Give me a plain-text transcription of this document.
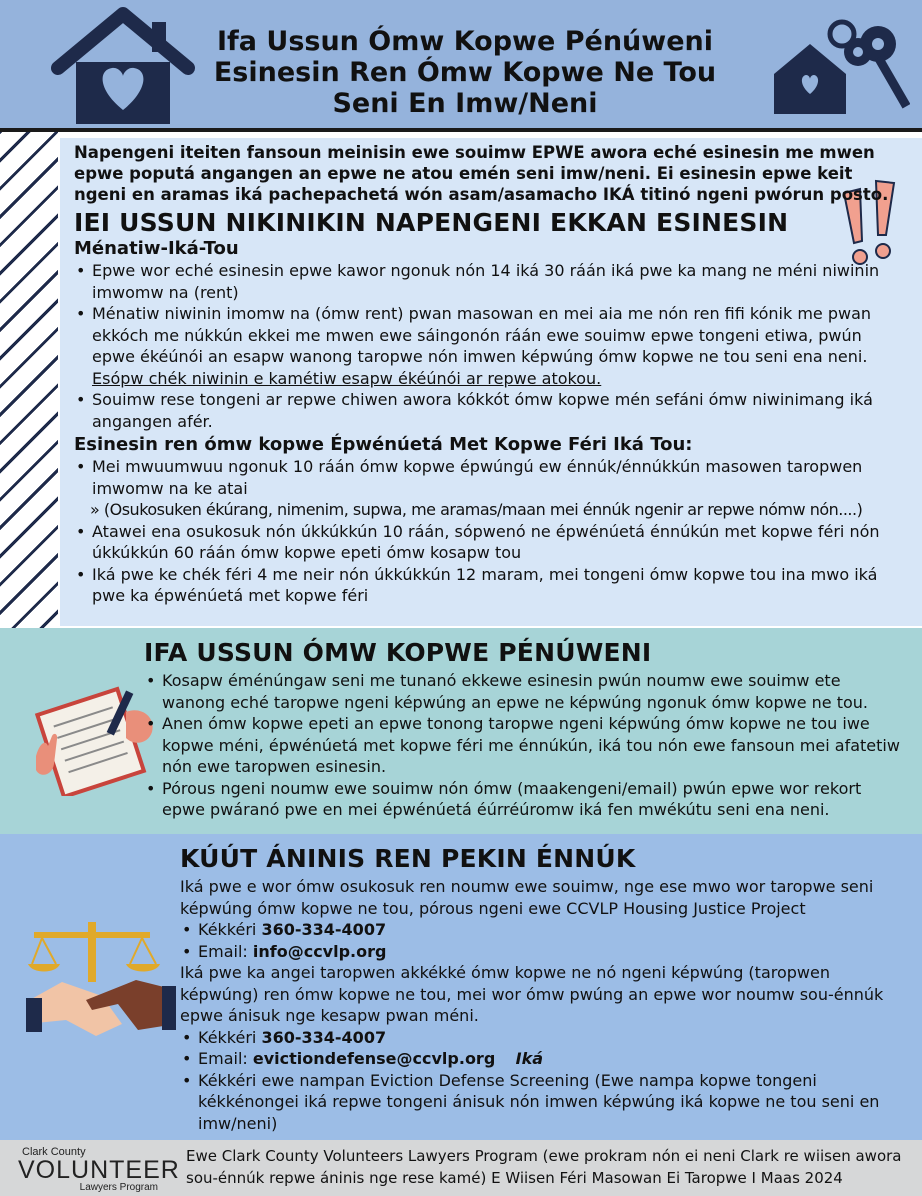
Ifa Ussun Ómw Kopwe Pénúweni
Esinesin Ren Ómw Kopwe Ne Tou
Seni En Imw/Neni

Napengeni iteiten fansoun meinisin ewe souimw EPWE awora eché esinesin me mwen epwe poputá angangen an epwe ne atou emén seni imw/neni. Ei esinesin epwe keit ngeni en aramas iká pachepachetá wón asam/asamacho IKÁ titinó ngeni pwórun posto.

IEI USSUN NIKINIKIN NAPENGENI EKKAN ESINESIN

Ménatiw-Iká-Tou

• Epwe wor eché esinesin epwe kawor ngonuk nón 14 iká 30 ráán iká pwe ka mang ne méni niwinin imwomw na (rent)
• Ménatiw niwinin imomw na (ómw rent) pwan masowan en mei aia me nón ren fifi kónik me pwan ekkóch me núkkún ekkei me mwen ewe sáingonón ráán ewe souimw epwe tongeni etiwa, pwún epwe ékéúnói an esapw wanong taropwe nón imwen képwúng ómw kopwe ne tou seni ena neni.
Esópw chék niwinin e kamétiw esapw ékéúnói ar repwe atokou.
• Souimw rese tongeni ar repwe chiwen awora kókkót ómw kopwe mén sefáni ómw niwinimang iká angangen afér.

Esinesin ren ómw kopwe Épwénúetá Met Kopwe Féri Iká Tou:

• Mei mwuumwuu ngonuk 10 ráán ómw kopwe épwúngú ew énnúk/énnúkkún masowen taropwen imwomw na ke atai
» (Osukosuken ékúrang, nimenim, supwa, me aramas/maan mei énnúk ngenir ar repwe nómw nón....)
• Atawei ena osukosuk nón úkkúkkún 10 ráán, sópwenó ne épwénúetá énnúkún met kopwe féri nón úkkúkkún 60 ráán ómw kopwe epeti ómw kosapw tou
• Iká pwe ke chék féri 4 me neir nón úkkúkkún 12 maram, mei tongeni ómw kopwe tou ina mwo iká pwe ka épwénúetá met kopwe féri

IFA USSUN ÓMW KOPWE PÉNÚWENI

• Kosapw éménúngaw seni me tunanó ekkewe esinesin pwún noumw ewe souimw ete wanong eché taropwe ngeni képwúng an epwe ne képwúng ngonuk ómw kopwe ne tou.
• Anen ómw kopwe epeti an epwe tonong taropwe ngeni képwúng ómw kopwe ne tou iwe kopwe méni, épwénúetá met kopwe féri me énnúkún, iká tou nón ewe fansoun mei afatetiw nón ewe taropwen esinesin.
• Pórous ngeni noumw ewe souimw nón ómw (maakengeni/email) pwún epwe wor rekort epwe pwáranó pwe en mei épwénúetá éúrréúromw iká fen mwékútu seni ena neni.

KÚÚT ÁNINIS REN PEKIN ÉNNÚK

Iká pwe e wor ómw osukosuk ren noumw ewe souimw, nge ese mwo wor taropwe seni képwúng ómw kopwe ne tou, pórous ngeni ewe CCVLP Housing Justice Project

• Kékkéri 360-334-4007
• Email: info@ccvlp.org

Iká pwe ka angei taropwen akkékké ómw kopwe ne nó ngeni képwúng (taropwen képwúng) ren ómw kopwe ne tou, mei wor ómw pwúng an epwe wor noumw sou-énnúk epwe ánisuk nge kesapw pwan méni.

• Kékkéri 360-334-4007
• Email: evictiondefense@ccvlp.org Iká
• Kékkéri ewe nampan Eviction Defense Screening (Ewe nampa kopwe tongeni kékkénongei iká repwe tongeni ánisuk nón imwen képwúng iká kopwe ne tou seni en imw/neni)
Clark County
VOLUNTEER
Lawyers Program
Ewe Clark County Volunteers Lawyers Program (ewe prokram nón ei neni Clark re wiisen awora sou-énnúk repwe áninis nge rese kamé) E Wiisen Féri Masowan Ei Taropwe I Maas 2024
